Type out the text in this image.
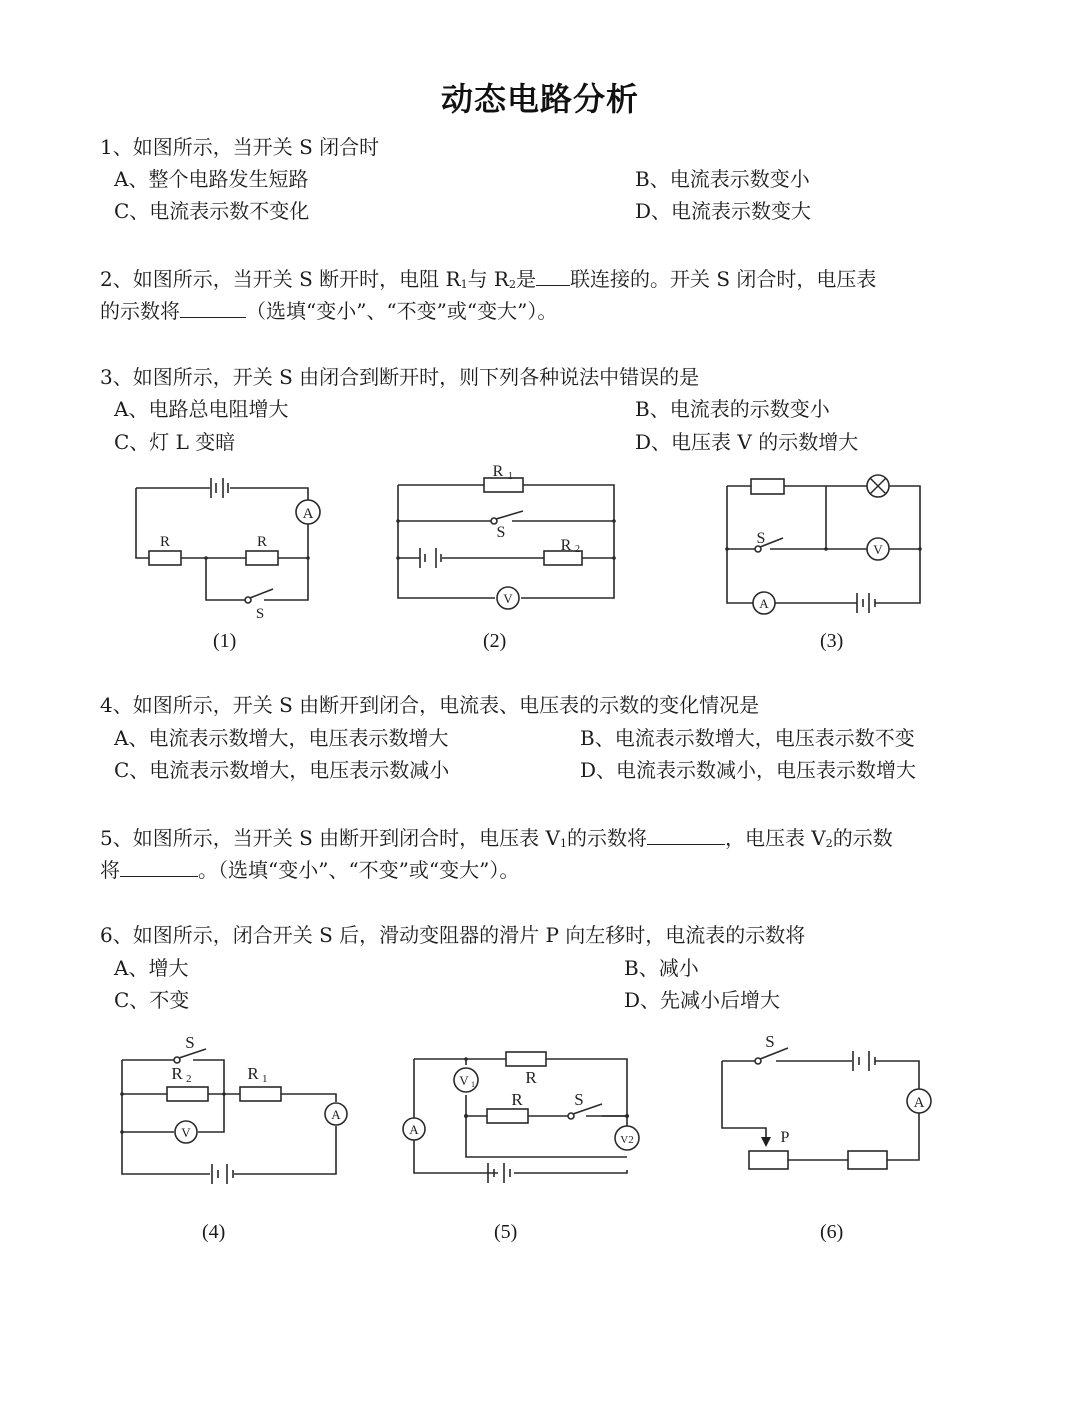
动态电路分析
1、如图所示，当开关 S 闭合时
A、整个电路发生短路	B、电流表示数变小
C、电流表示数不变化	D、电流表示数变大
2、如图所示，当开关 S 断开时，电阻 $R_1$与 $R_2$是 联连接的。开关 S 闭合时，电压表
的示数将	（选填“变小”、“不变”或“变大”）。
3、如图所示，开关 S 由闭合到断开时，则下列各种说法中错误的是
A、电路总电阻增大	B、电流表的示数变小
C、灯 L 变暗	D、电压表 V 的示数增大
A
R	R
S
(1)
R 1
S
R 2
V
(2)
S
V
A
(3)
4、如图所示，开关 S 由断开到闭合，电流表、电压表的示数的变化情况是
A、电流表示数增大，电压表示数增大	B、电流表示数增大，电压表示数不变
C、电流表示数增大，电压表示数减小	D、电流表示数减小，电压表示数增大
5、如图所示，当开关 S 由断开到闭合时，电压表 $V_1$的示数将	，电压表 $V_2$的示数
将	。（选填“变小”、“不变”或“变大”）。
6、如图所示，闭合开关 S 后，滑动变阻器的滑片 P 向左移时，电流表的示数将
A、增大	B、减小
C、不变	D、先减小后增大
S
R 2	R 1
V
A
(4)
R
V 1
R	S
V2
A
(5)
S
A
P
(6)
